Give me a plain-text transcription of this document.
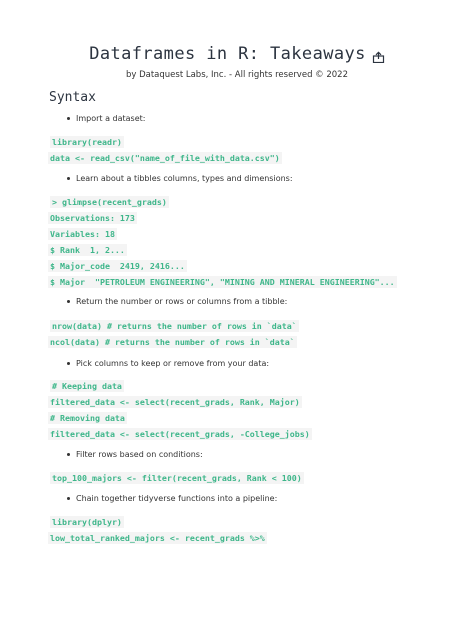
Dataframes in R: Takeaways
by Dataquest Labs, Inc. - All rights reserved © 2022
Syntax
Import a dataset:
library(readr)
data <- read_csv("name_of_file_with_data.csv")
Learn about a tibbles columns, types and dimensions:
> glimpse(recent_grads)
Observations: 173
Variables: 18
$ Rank  1, 2...
$ Major_code  2419, 2416...
$ Major  "PETROLEUM ENGINEERING", "MINING AND MINERAL ENGINEERING"...
Return the number or rows or columns from a tibble:
nrow(data) # returns the number of rows in `data`
ncol(data) # returns the number of rows in `data`
Pick columns to keep or remove from your data:
# Keeping data
filtered_data <- select(recent_grads, Rank, Major)
# Removing data
filtered_data <- select(recent_grads, -College_jobs)
Filter rows based on conditions:
top_100_majors <- filter(recent_grads, Rank < 100)
Chain together tidyverse functions into a pipeline:
library(dplyr)
low_total_ranked_majors <- recent_grads %>%
